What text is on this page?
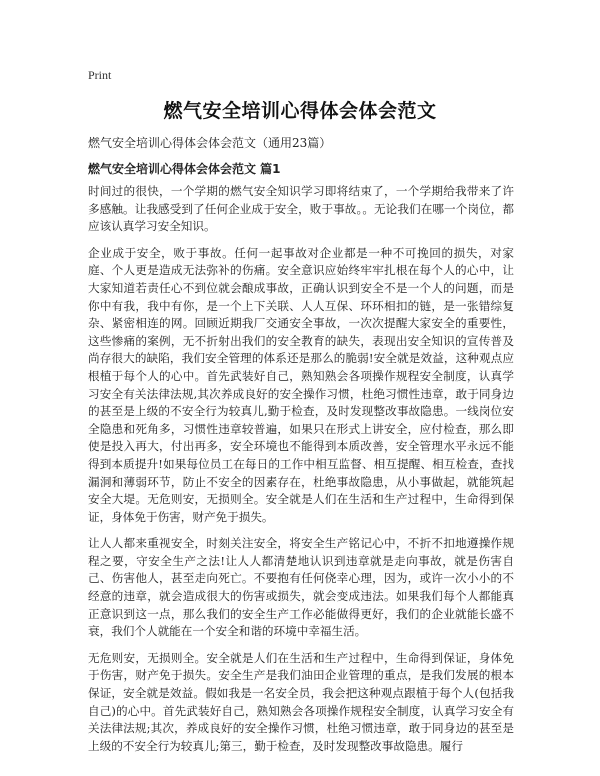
Print
燃气安全培训心得体会体会范文

燃气安全培训心得体会体会范文（通用23篇）

燃气安全培训心得体会体会范文 篇1

时间过的很快，一个学期的燃气安全知识学习即将结束了，一个学期给我带来了许多感触。让我感受到了任何企业成于安全，败于事故。。无论我们在哪一个岗位，都应该认真学习安全知识。

企业成于安全，败于事故。任何一起事故对企业都是一种不可挽回的损失，对家庭、个人更是造成无法弥补的伤痛。安全意识应始终牢牢扎根在每个人的心中，让大家知道若责任心不到位就会酿成事故，正确认识到安全不是一个人的问题，而是你中有我，我中有你，是一个上下关联、人人互保、环环相扣的链，是一张错综复杂、紧密相连的网。回顾近期我厂交通安全事故，一次次提醒大家安全的重要性，这些惨痛的案例，无不折射出我们的安全教育的缺失，表现出安全知识的宣传普及尚存很大的缺陷，我们安全管理的体系还是那么的脆弱!安全就是效益，这种观点应根植于每个人的心中。首先武装好自己，熟知熟会各项操作规程安全制度，认真学习安全有关法律法规,其次养成良好的安全操作习惯，杜绝习惯性违章，敢于同身边的甚至是上级的不安全行为较真儿,勤于检查，及时发现整改事故隐患。一线岗位安全隐患和死角多，习惯性违章较普遍，如果只在形式上讲安全，应付检查，那么即使是投入再大，付出再多，安全环境也不能得到本质改善，安全管理水平永远不能得到本质提升!如果每位员工在每日的工作中相互监督、相互提醒、相互检查，查找漏洞和薄弱环节，防止不安全的因素存在，杜绝事故隐患，从小事做起，就能筑起安全大堤。无危则安，无损则全。安全就是人们在生活和生产过程中，生命得到保证，身体免于伤害，财产免于损失。

让人人都来重视安全，时刻关注安全，将安全生产铭记心中，不折不扣地遵操作规程之要，守安全生产之法!让人人都清楚地认识到违章就是走向事故，就是伤害自己、伤害他人，甚至走向死亡。不要抱有任何侥幸心理，因为，或许一次小小的不经意的违章，就会造成很大的伤害或损失，就会变成违法。如果我们每个人都能真正意识到这一点，那么我们的安全生产工作必能做得更好，我们的企业就能长盛不衰，我们个人就能在一个安全和谐的环境中幸福生活。

无危则安，无损则全。安全就是人们在生活和生产过程中，生命得到保证，身体免于伤害，财产免于损失。安全生产是我们油田企业管理的重点，是我们发展的根本保证，安全就是效益。假如我是一名安全员，我会把这种观点跟植于每个人(包括我自己)的心中。首先武装好自己，熟知熟会各项操作规程安全制度，认真学习安全有关法律法规;其次，养成良好的安全操作习惯，杜绝习惯违章，敢于同身边的甚至是上级的不安全行为较真儿;第三，勤于检查，及时发现整改事故隐患。履行
